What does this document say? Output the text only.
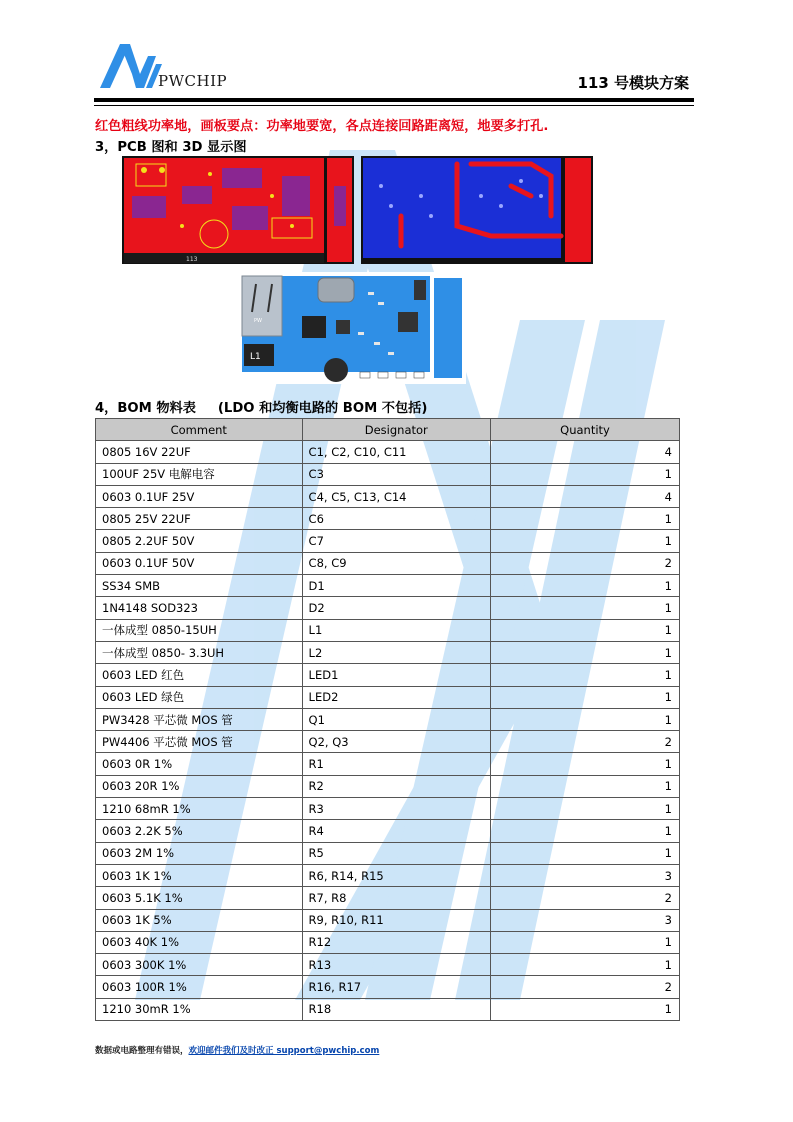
PWCHIP	113 号模块方案
红色粗线功率地，画板要点：功率地要宽，各点连接回路距离短，地要多打孔.
3，PCB 图和 3D 显示图
113
L1
PW
4，BOM 物料表 (LDO 和均衡电路的 BOM 不包括)
Comment	Designator	Quantity
0805 16V 22UF	C1, C2, C10, C11	4
100UF 25V 电解电容	C3	1
0603 0.1UF 25V	C4, C5, C13, C14	4
0805 25V 22UF	C6	1
0805 2.2UF 50V	C7	1
0603 0.1UF 50V	C8, C9	2
SS34 SMB	D1	1
1N4148 SOD323	D2	1
一体成型 0850-15UH	L1	1
一体成型 0850- 3.3UH	L2	1
0603 LED 红色	LED1	1
0603 LED 绿色	LED2	1
PW3428 平芯微 MOS 管	Q1	1
PW4406 平芯微 MOS 管	Q2, Q3	2
0603 0R 1%	R1	1
0603 20R 1%	R2	1
1210 68mR 1%	R3	1
0603 2.2K 5%	R4	1
0603 2M 1%	R5	1
0603 1K 1%	R6, R14, R15	3
0603 5.1K 1%	R7, R8	2
0603 1K 5%	R9, R10, R11	3
0603 40K 1%	R12	1
0603 300K 1%	R13	1
0603 100R 1%	R16, R17	2
1210 30mR 1%	R18	1
数据或电路整理有错误，欢迎邮件我们及时改正 support@pwchip.com
